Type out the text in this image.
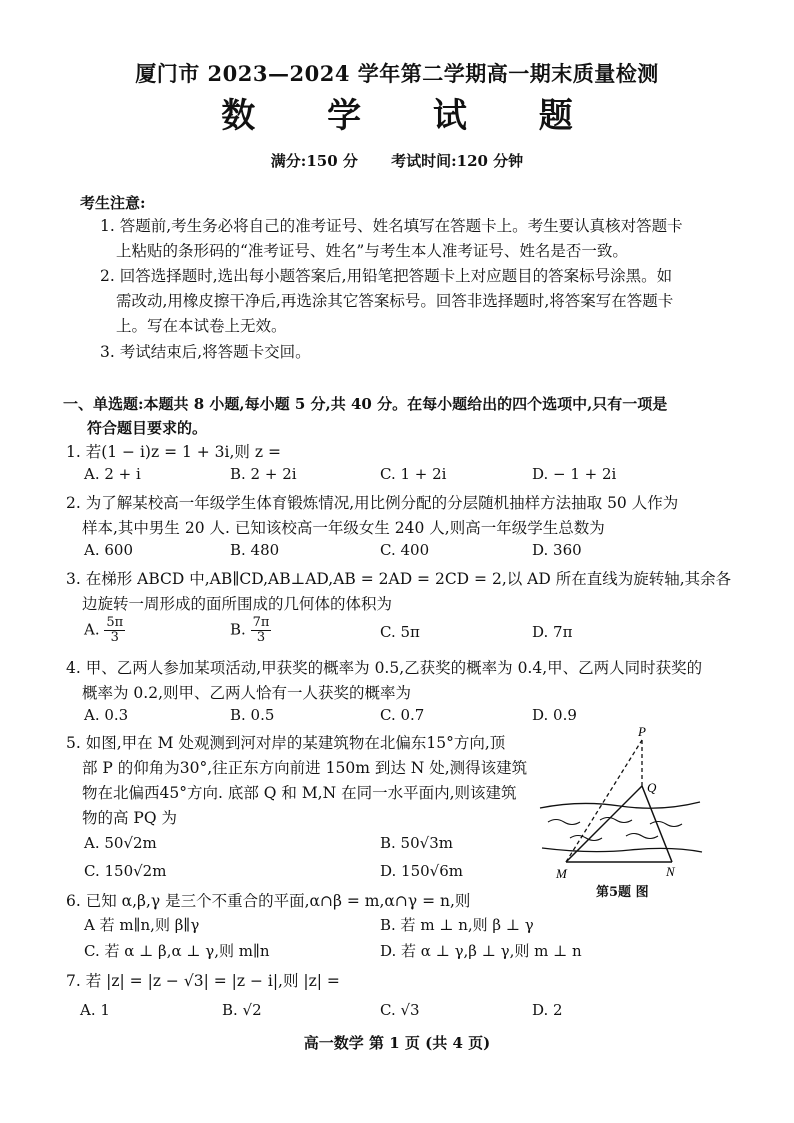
厦门市 2023—2024 学年第二学期高一期末质量检测
数 学 试 题
满分:150 分 考试时间:120 分钟
考生注意:
1. 答题前,考生务必将自己的准考证号、姓名填写在答题卡上。考生要认真核对答题卡
上粘贴的条形码的“准考证号、姓名”与考生本人准考证号、姓名是否一致。
2. 回答选择题时,选出每小题答案后,用铅笔把答题卡上对应题目的答案标号涂黑。如
需改动,用橡皮擦干净后,再选涂其它答案标号。回答非选择题时,将答案写在答题卡
上。写在本试卷上无效。
3. 考试结束后,将答题卡交回。
一、单选题:本题共 8 小题,每小题 5 分,共 40 分。在每小题给出的四个选项中,只有一项是
符合题目要求的。
1. 若(1 − i)z = 1 + 3i,则 z =
A. 2 + i	B. 2 + 2i	C. 1 + 2i	D. − 1 + 2i
2. 为了解某校高一年级学生体育锻炼情况,用比例分配的分层随机抽样方法抽取 50 人作为
样本,其中男生 20 人. 已知该校高一年级女生 240 人,则高一年级学生总数为
A. 600	B. 480	C. 400	D. 360
3. 在梯形 ABCD 中,AB∥CD,AB⊥AD,AB = 2AD = 2CD = 2,以 AD 所在直线为旋转轴,其余各
边旋转一周形成的面所围成的几何体的体积为
A. $\frac{5\pi}{3}$	B. $\frac{7\pi}{3}$	C. 5π	D. 7π
4. 甲、乙两人参加某项活动,甲获奖的概率为 0.5,乙获奖的概率为 0.4,甲、乙两人同时获奖的
概率为 0.2,则甲、乙两人恰有一人获奖的概率为
A. 0.3	B. 0.5	C. 0.7	D. 0.9
5. 如图,甲在 M 处观测到河对岸的某建筑物在北偏东15°方向,顶
部 P 的仰角为30°,往正东方向前进 150m 到达 N 处,测得该建筑
物在北偏西45°方向. 底部 Q 和 M,N 在同一水平面内,则该建筑
物的高 PQ 为
A. 50√2m	B. 50√3m
C. 150√2m	D. 150√6m
P
Q
M	N
第5题 图
6. 已知 α,β,γ 是三个不重合的平面,α∩β = m,α∩γ = n,则
A 若 m∥n,则 β∥γ	B. 若 m ⊥ n,则 β ⊥ γ
C. 若 α ⊥ β,α ⊥ γ,则 m∥n	D. 若 α ⊥ γ,β ⊥ γ,则 m ⊥ n
7. 若 |z| = |z − √3| = |z − i|,则 |z| =
A. 1	B. √2	C. √3	D. 2
高一数学 第 1 页 (共 4 页)
